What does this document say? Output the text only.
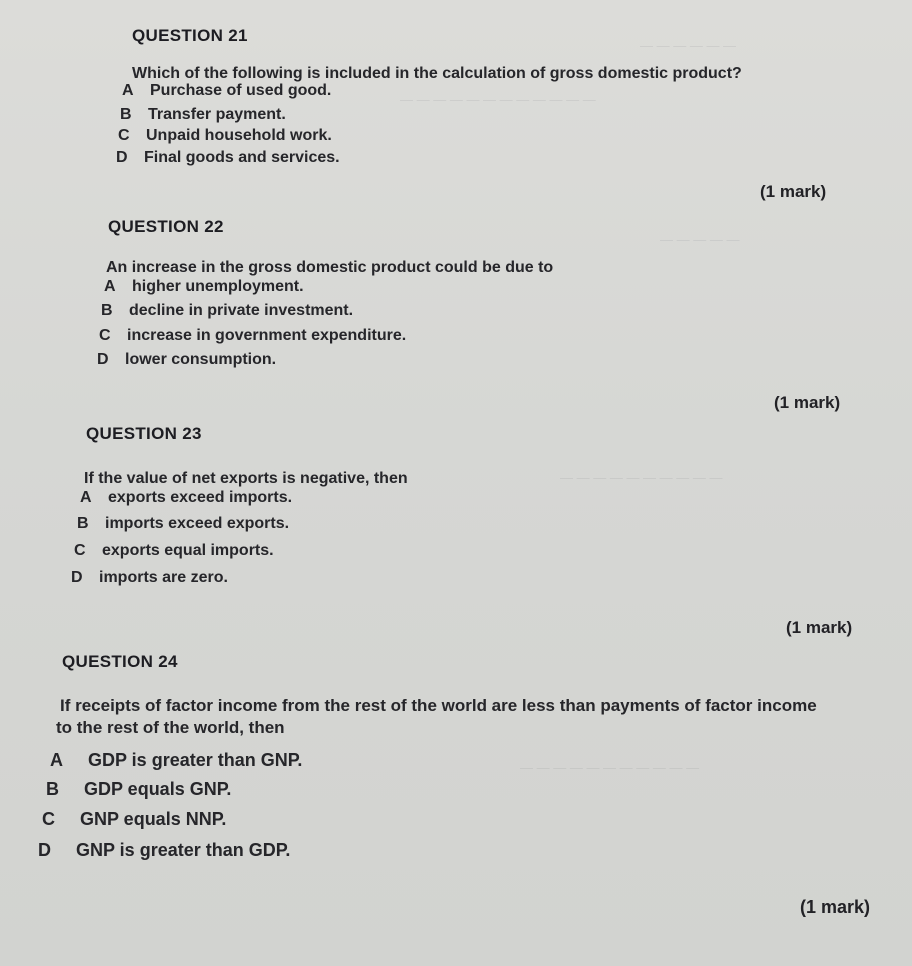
— — — — — —
— — — — — — — — — — — —
— — — — —
— — — — — — — — — —
— — — — — — — — — — —
QUESTION 21
Which of the following is included in the calculation of gross domestic product?
A Purchase of used good.
B Transfer payment.
C Unpaid household work.
D Final goods and services.
(1 mark)
QUESTION 22
An increase in the gross domestic product could be due to
A higher unemployment.
B decline in private investment.
C increase in government expenditure.
D lower consumption.
(1 mark)
QUESTION 23
If the value of net exports is negative, then
A exports exceed imports.
B imports exceed exports.
C exports equal imports.
D imports are zero.
(1 mark)
QUESTION 24
If receipts of factor income from the rest of the world are less than payments of factor income
to the rest of the world, then
A GDP is greater than GNP.
B GDP equals GNP.
C GNP equals NNP.
D GNP is greater than GDP.
(1 mark)
